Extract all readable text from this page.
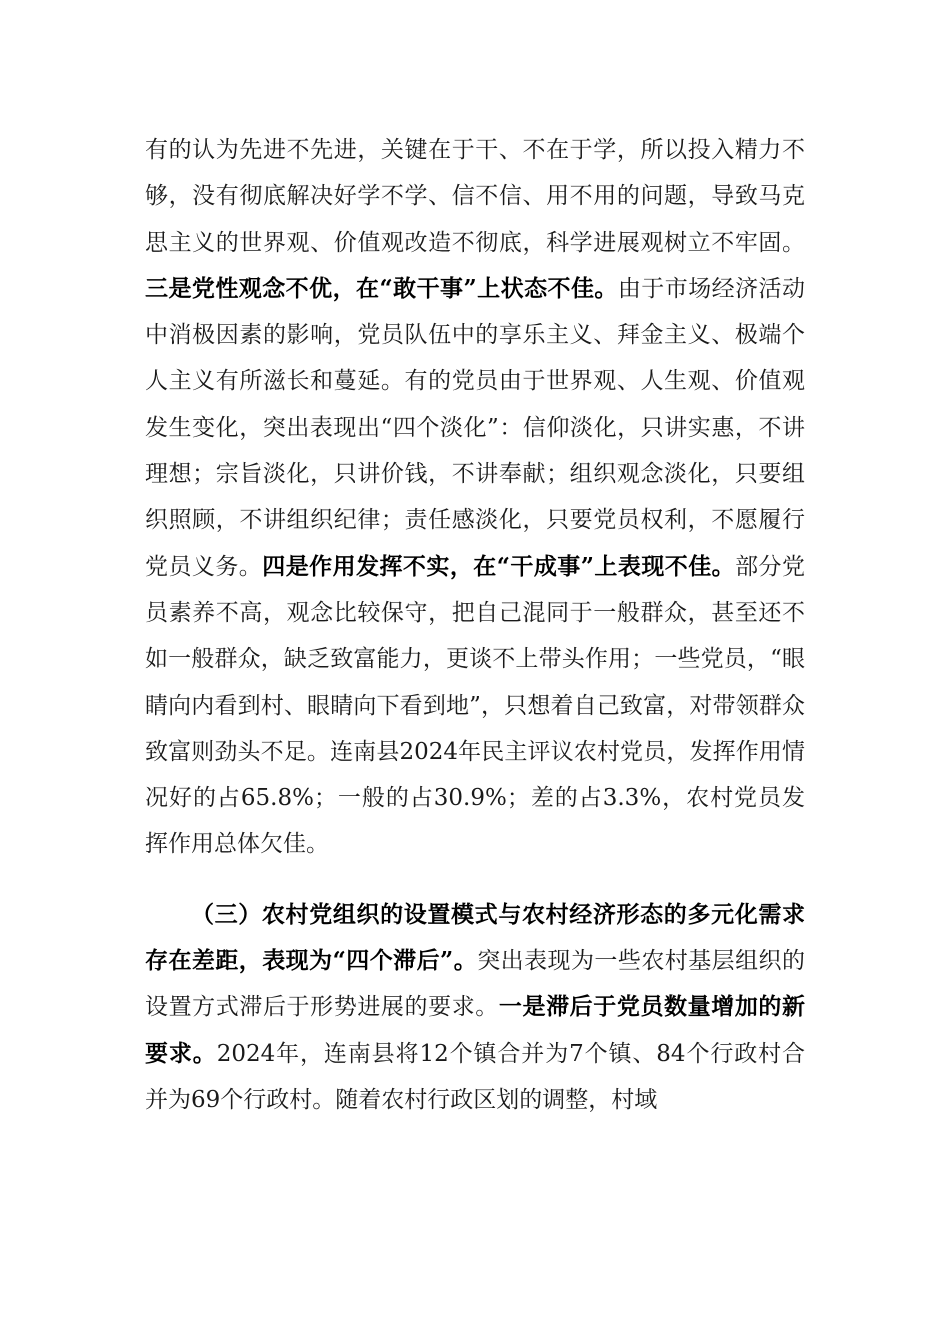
有的认为先进不先进，关键在于干、不在于学，所以投入精力不够，没有彻底解决好学不学、信不信、用不用的问题，导致马克思主义的世界观、价值观改造不彻底，科学进展观树立不牢固。三是党性观念不优，在“敢干事”上状态不佳。由于市场经济活动中消极因素的影响，党员队伍中的享乐主义、拜金主义、极端个人主义有所滋长和蔓延。有的党员由于世界观、人生观、价值观发生变化，突出表现出“四个淡化”：信仰淡化，只讲实惠，不讲理想；宗旨淡化，只讲价钱，不讲奉献；组织观念淡化，只要组织照顾，不讲组织纪律；责任感淡化，只要党员权利，不愿履行党员义务。四是作用发挥不实，在“干成事”上表现不佳。部分党员素养不高，观念比较保守，把自己混同于一般群众，甚至还不如一般群众，缺乏致富能力，更谈不上带头作用；一些党员，“眼睛向内看到村、眼睛向下看到地”，只想着自己致富，对带领群众致富则劲头不足。连南县2024年民主评议农村党员，发挥作用情况好的占65.8%；一般的占30.9%；差的占3.3%，农村党员发挥作用总体欠佳。

（三）农村党组织的设置模式与农村经济形态的多元化需求存在差距，表现为“四个滞后”。突出表现为一些农村基层组织的设置方式滞后于形势进展的要求。一是滞后于党员数量增加的新要求。2024年，连南县将12个镇合并为7个镇、84个行政村合并为69个行政村。随着农村行政区划的调整，村域
